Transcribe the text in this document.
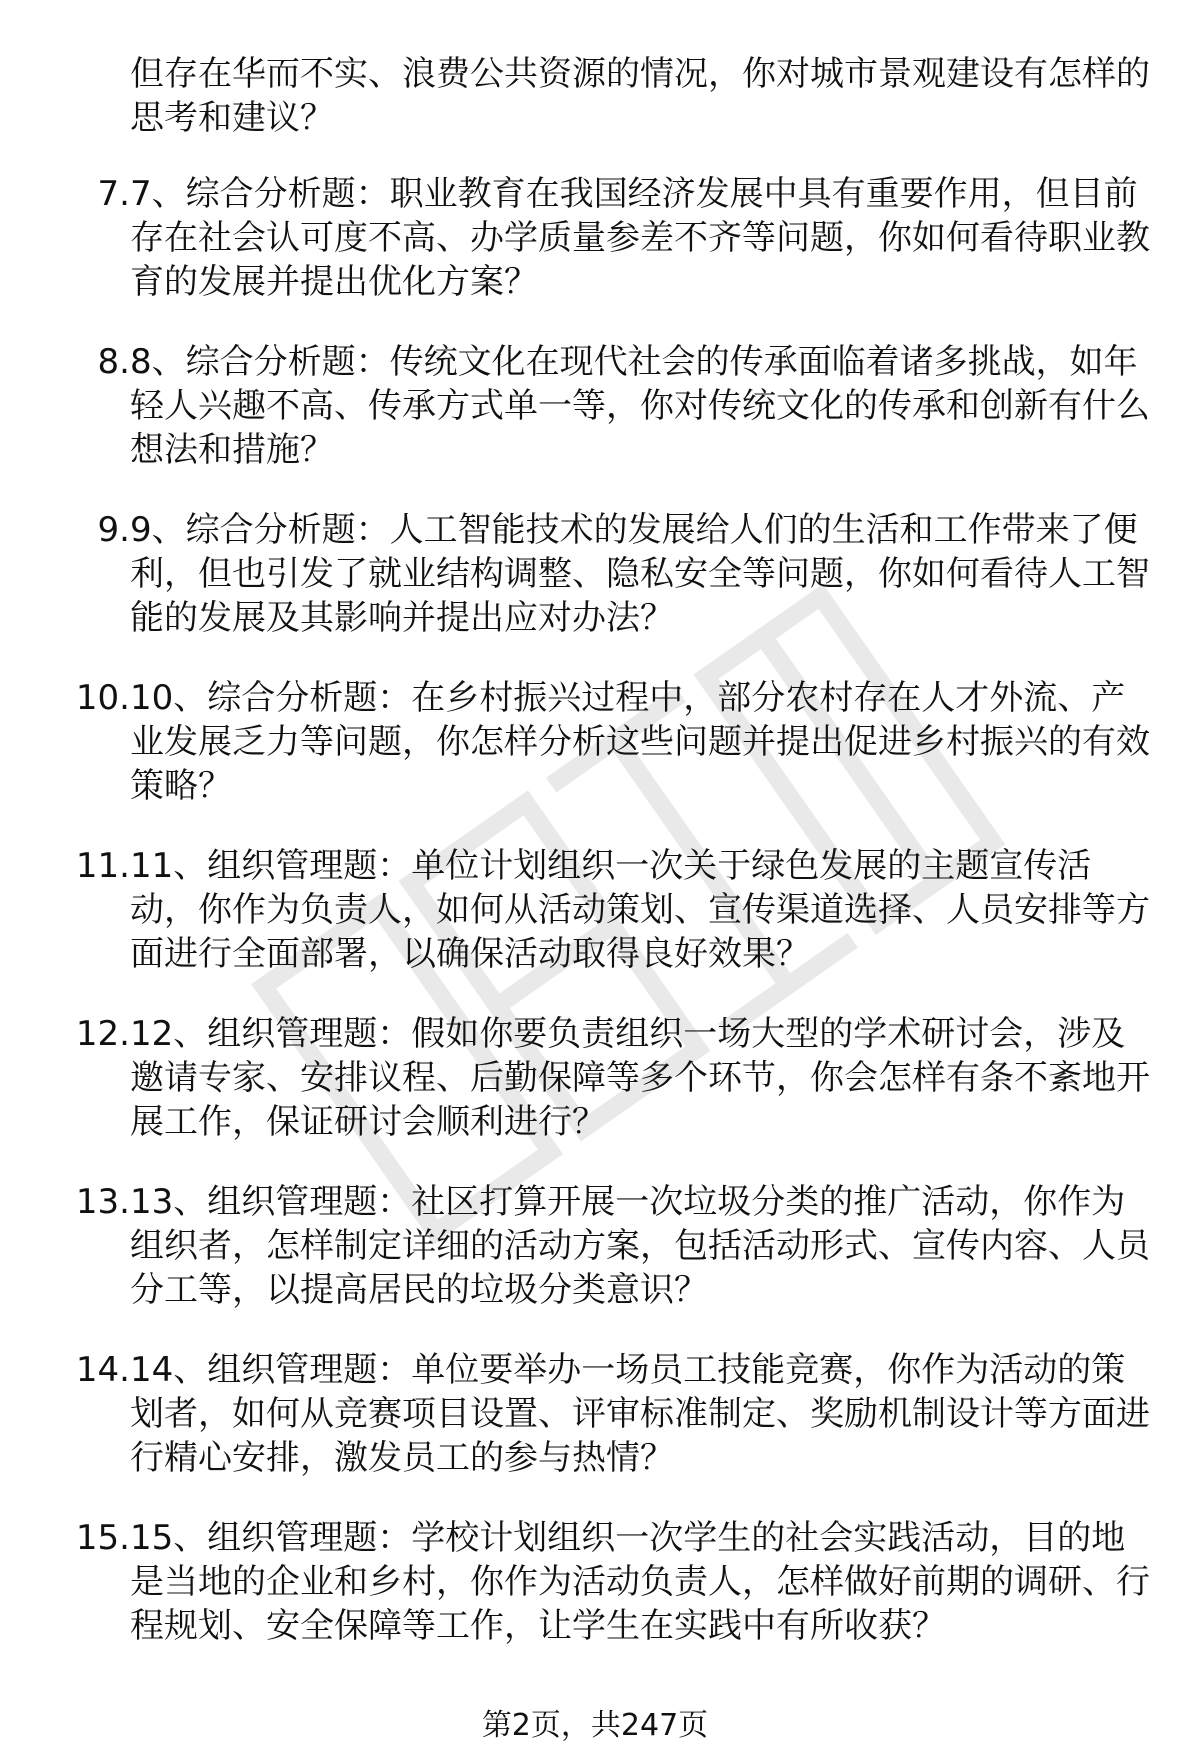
但存在华而不实、浪费公共资源的情况，你对城市景观建设有怎样的思考和建议？
7. 7、综合分析题：职业教育在我国经济发展中具有重要作用，但目前存在社会认可度不高、办学质量参差不齐等问题，你如何看待职业教育的发展并提出优化方案？
8. 8、综合分析题：传统文化在现代社会的传承面临着诸多挑战，如年轻人兴趣不高、传承方式单一等，你对传统文化的传承和创新有什么想法和措施？
9. 9、综合分析题：人工智能技术的发展给人们的生活和工作带来了便利，但也引发了就业结构调整、隐私安全等问题，你如何看待人工智能的发展及其影响并提出应对办法？
10. 10、综合分析题：在乡村振兴过程中，部分农村存在人才外流、产业发展乏力等问题，你怎样分析这些问题并提出促进乡村振兴的有效策略？
11. 11、组织管理题：单位计划组织一次关于绿色发展的主题宣传活动，你作为负责人，如何从活动策划、宣传渠道选择、人员安排等方面进行全面部署，以确保活动取得良好效果？
12. 12、组织管理题：假如你要负责组织一场大型的学术研讨会，涉及邀请专家、安排议程、后勤保障等多个环节，你会怎样有条不紊地开展工作，保证研讨会顺利进行？
13. 13、组织管理题：社区打算开展一次垃圾分类的推广活动，你作为组织者，怎样制定详细的活动方案，包括活动形式、宣传内容、人员分工等，以提高居民的垃圾分类意识？
14. 14、组织管理题：单位要举办一场员工技能竞赛，你作为活动的策划者，如何从竞赛项目设置、评审标准制定、奖励机制设计等方面进行精心安排，激发员工的参与热情？
15. 15、组织管理题：学校计划组织一次学生的社会实践活动，目的地是当地的企业和乡村，你作为活动负责人，怎样做好前期的调研、行程规划、安全保障等工作，让学生在实践中有所收获？
第2页，共247页
